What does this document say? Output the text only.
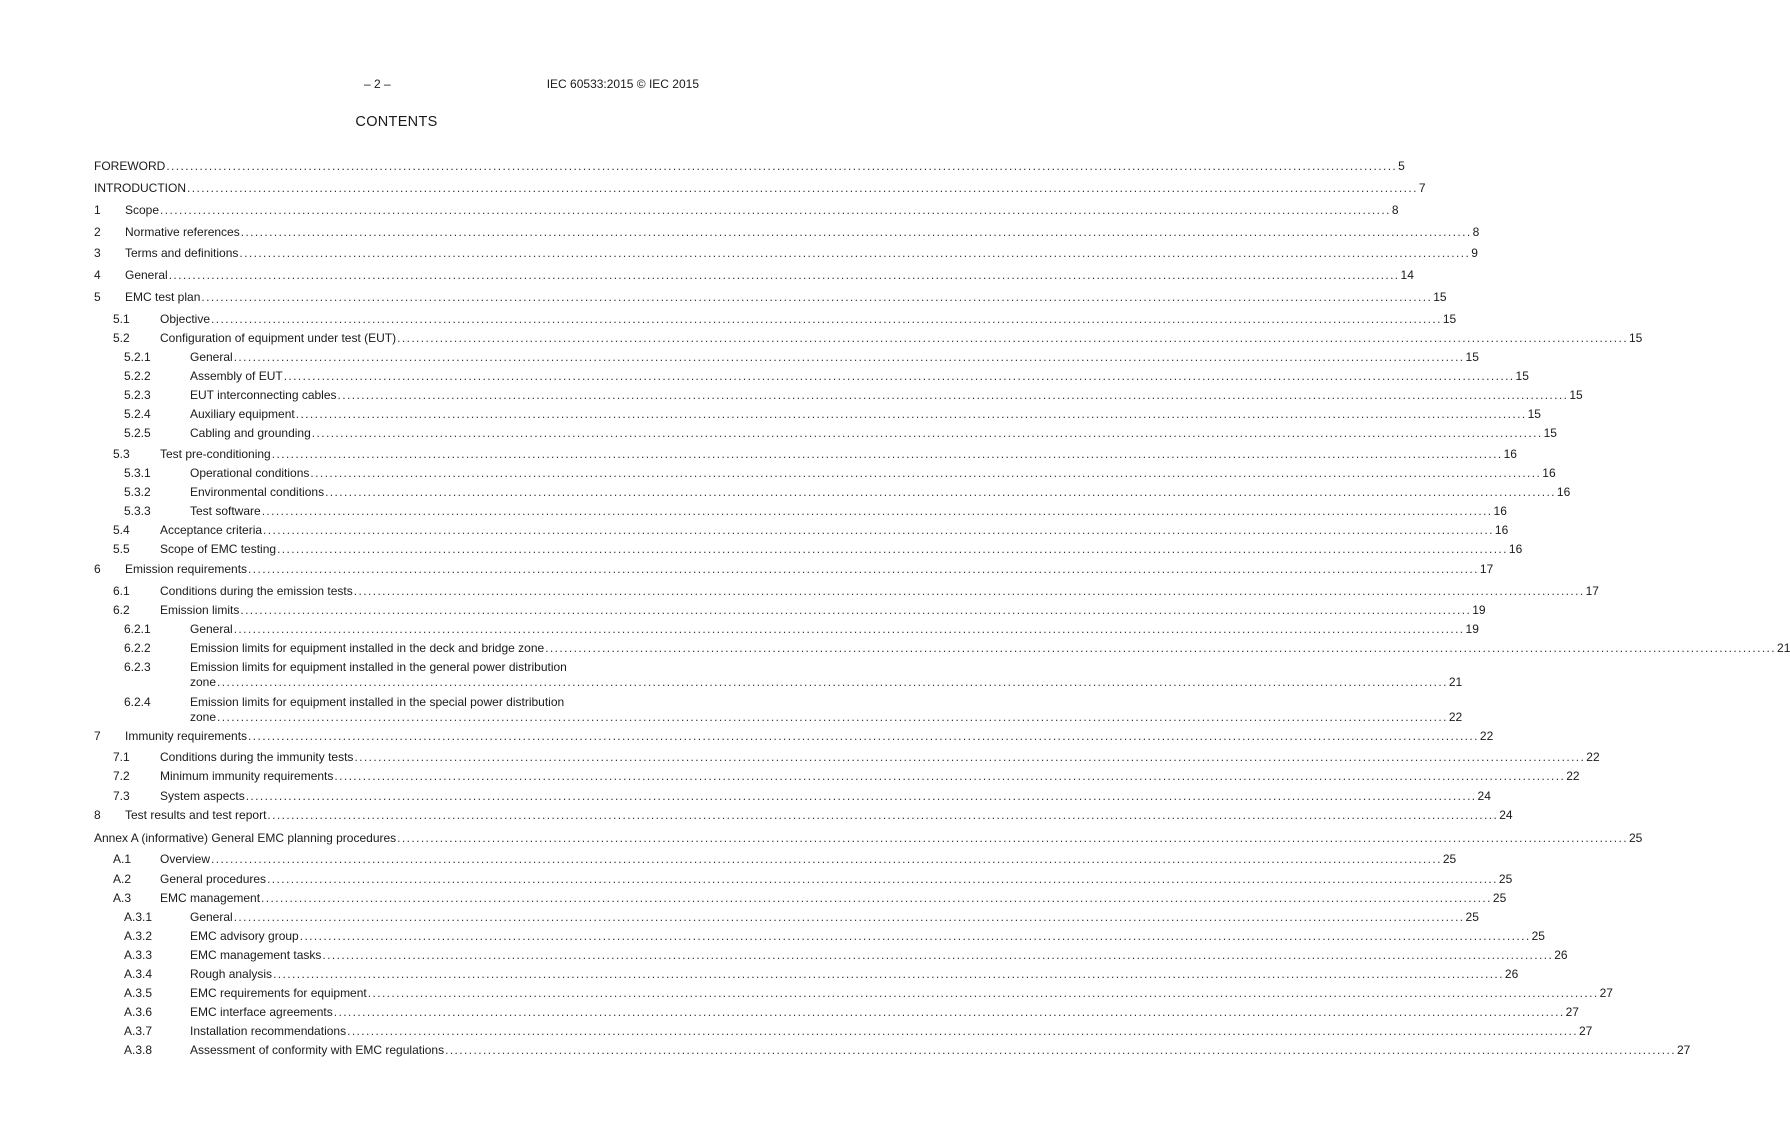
– 2 –	IEC 60533:2015 © IEC 2015
CONTENTS
FOREWORD .................................................................................................................................................................................................................................................................... 5
INTRODUCTION .................................................................................................................................................................................................................................................................... 7
1 Scope .................................................................................................................................................................................................................................................................... 8
2 Normative references .................................................................................................................................................................................................................................................................... 8
3 Terms and definitions .................................................................................................................................................................................................................................................................... 9
4 General .................................................................................................................................................................................................................................................................... 14
5 EMC test plan .................................................................................................................................................................................................................................................................... 15
5.1	Objective .................................................................................................................................................................................................................................................................... 15
5.2	Configuration of equipment under test (EUT) .................................................................................................................................................................................................................................................................... 15
5.2.1	General .................................................................................................................................................................................................................................................................... 15
5.2.2	Assembly of EUT .................................................................................................................................................................................................................................................................... 15
5.2.3	EUT interconnecting cables .................................................................................................................................................................................................................................................................... 15
5.2.4	Auxiliary equipment .................................................................................................................................................................................................................................................................... 15
5.2.5	Cabling and grounding .................................................................................................................................................................................................................................................................... 15
5.3	Test pre-conditioning .................................................................................................................................................................................................................................................................... 16
5.3.1	Operational conditions .................................................................................................................................................................................................................................................................... 16
5.3.2	Environmental conditions .................................................................................................................................................................................................................................................................... 16
5.3.3	Test software .................................................................................................................................................................................................................................................................... 16
5.4	Acceptance criteria .................................................................................................................................................................................................................................................................... 16
5.5	Scope of EMC testing .................................................................................................................................................................................................................................................................... 16
6 Emission requirements .................................................................................................................................................................................................................................................................... 17
6.1	Conditions during the emission tests .................................................................................................................................................................................................................................................................... 17
6.2	Emission limits .................................................................................................................................................................................................................................................................... 19
6.2.1	General .................................................................................................................................................................................................................................................................... 19
6.2.2	Emission limits for equipment installed in the deck and bridge zone .................................................................................................................................................................................................................................................................... 21
6.2.3	Emission limits for equipment installed in the general power distribution
zone .................................................................................................................................................................................................................................................................... 21
6.2.4	Emission limits for equipment installed in the special power distribution
zone .................................................................................................................................................................................................................................................................... 22
7 Immunity requirements .................................................................................................................................................................................................................................................................... 22
7.1	Conditions during the immunity tests .................................................................................................................................................................................................................................................................... 22
7.2	Minimum immunity requirements .................................................................................................................................................................................................................................................................... 22
7.3	System aspects .................................................................................................................................................................................................................................................................... 24
8 Test results and test report .................................................................................................................................................................................................................................................................... 24
Annex A (informative) General EMC planning procedures .................................................................................................................................................................................................................................................................... 25
A.1 Overview .................................................................................................................................................................................................................................................................... 25
A.2 General procedures .................................................................................................................................................................................................................................................................... 25
A.3 EMC management .................................................................................................................................................................................................................................................................... 25
A.3.1	General .................................................................................................................................................................................................................................................................... 25
A.3.2	EMC advisory group .................................................................................................................................................................................................................................................................... 25
A.3.3	EMC management tasks .................................................................................................................................................................................................................................................................... 26
A.3.4	Rough analysis .................................................................................................................................................................................................................................................................... 26
A.3.5	EMC requirements for equipment .................................................................................................................................................................................................................................................................... 27
A.3.6	EMC interface agreements .................................................................................................................................................................................................................................................................... 27
A.3.7	Installation recommendations .................................................................................................................................................................................................................................................................... 27
A.3.8	Assessment of conformity with EMC regulations .................................................................................................................................................................................................................................................................... 27
